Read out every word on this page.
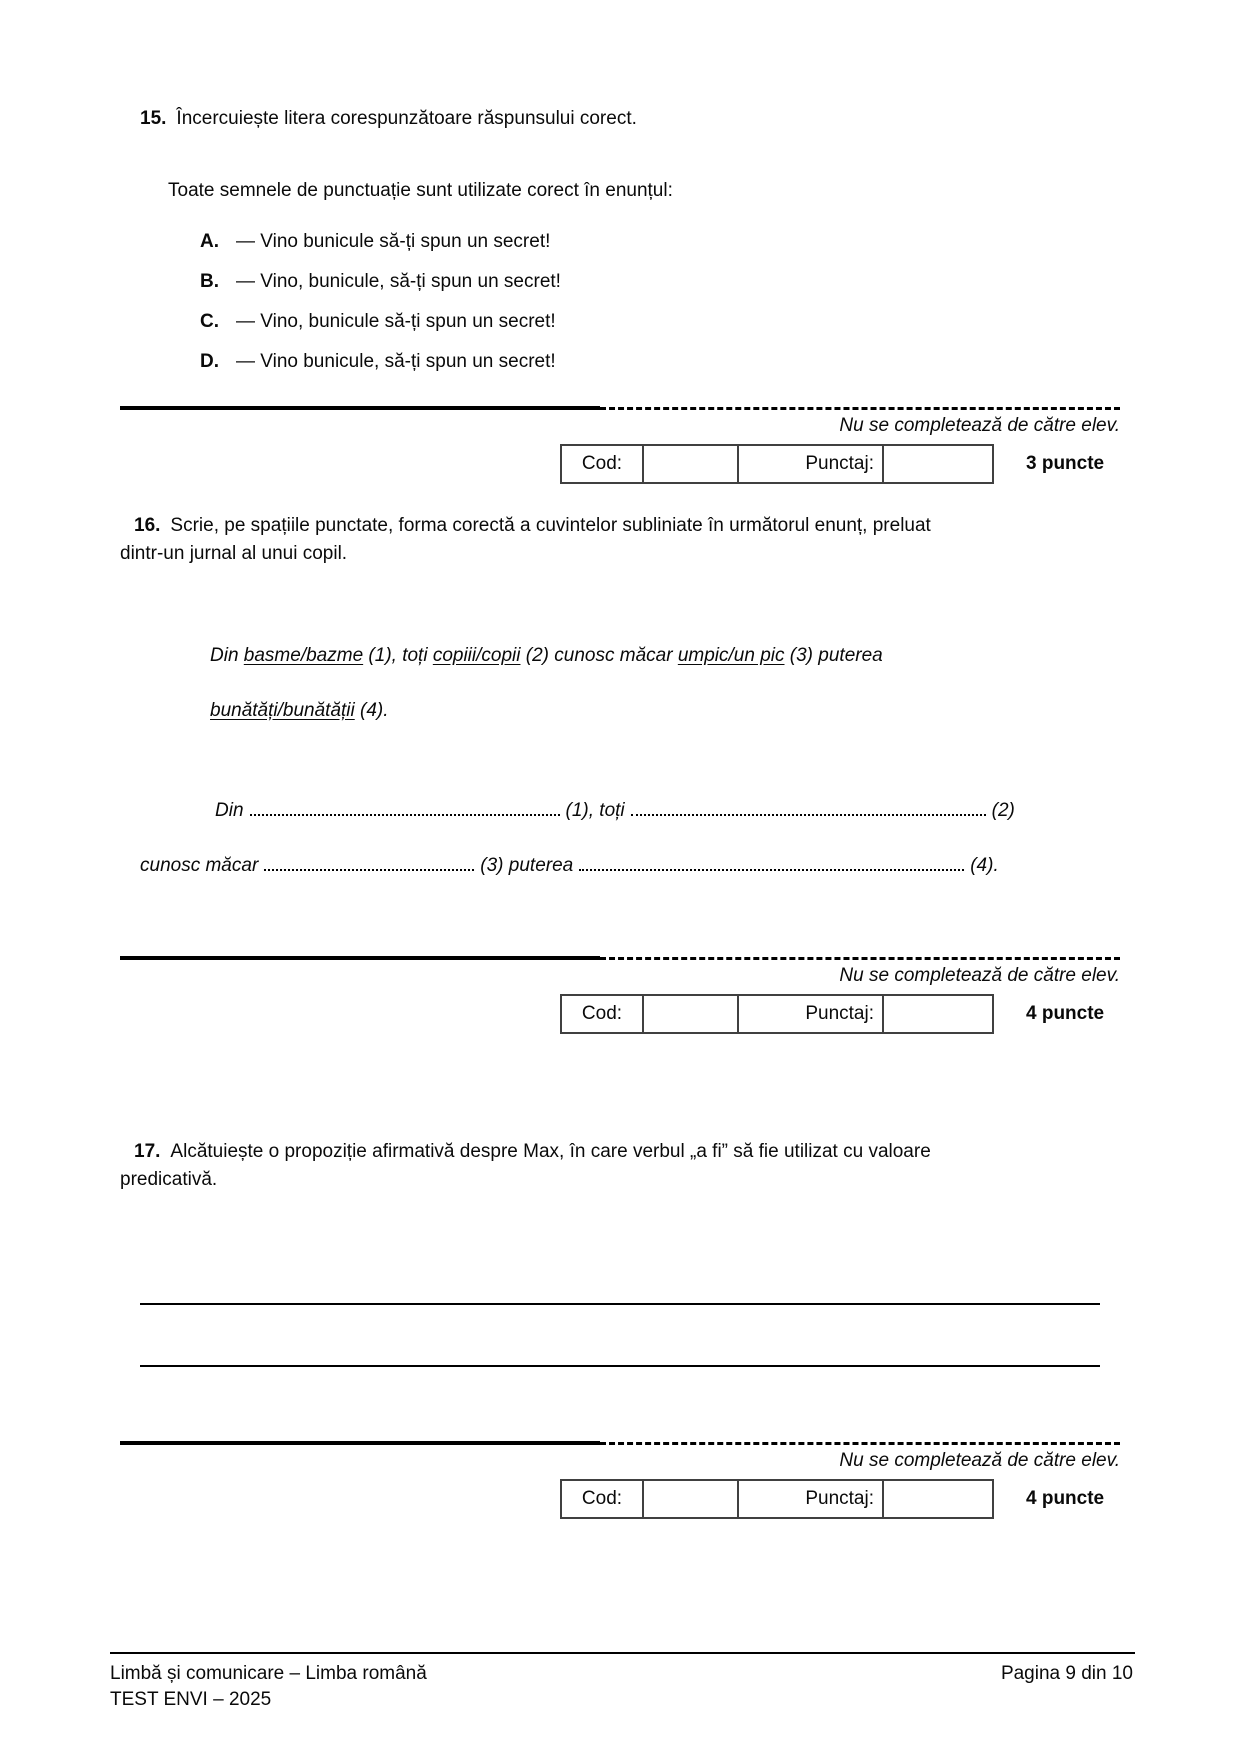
15. Încercuiește litera corespunzătoare răspunsului corect.
Toate semnele de punctuație sunt utilizate corect în enunțul:
A. — Vino bunicule să-ți spun un secret!
B. — Vino, bunicule, să-ți spun un secret!
C. — Vino, bunicule să-ți spun un secret!
D. — Vino bunicule, să-ți spun un secret!
Nu se completează de către elev.
Cod:	Punctaj:	3 puncte
16. Scrie, pe spațiile punctate, forma corectă a cuvintelor subliniate în următorul enunț, preluat
dintr-un jurnal al unui copil.
Din basme/bazme (1), toți copiii/copii (2) cunosc măcar umpic/un pic (3) puterea
bunătăți/bunătății (4).
Din	(1), toți	(2)
cunosc măcar	(3) puterea	(4).
Nu se completează de către elev.
Cod:	Punctaj:	4 puncte
17. Alcătuiește o propoziție afirmativă despre Max, în care verbul „a fi” să fie utilizat cu valoare
predicativă.
Nu se completează de către elev.
Cod:	Punctaj:	4 puncte
Limbă și comunicare – Limba română
TEST ENVI – 2025
Pagina 9 din 10
